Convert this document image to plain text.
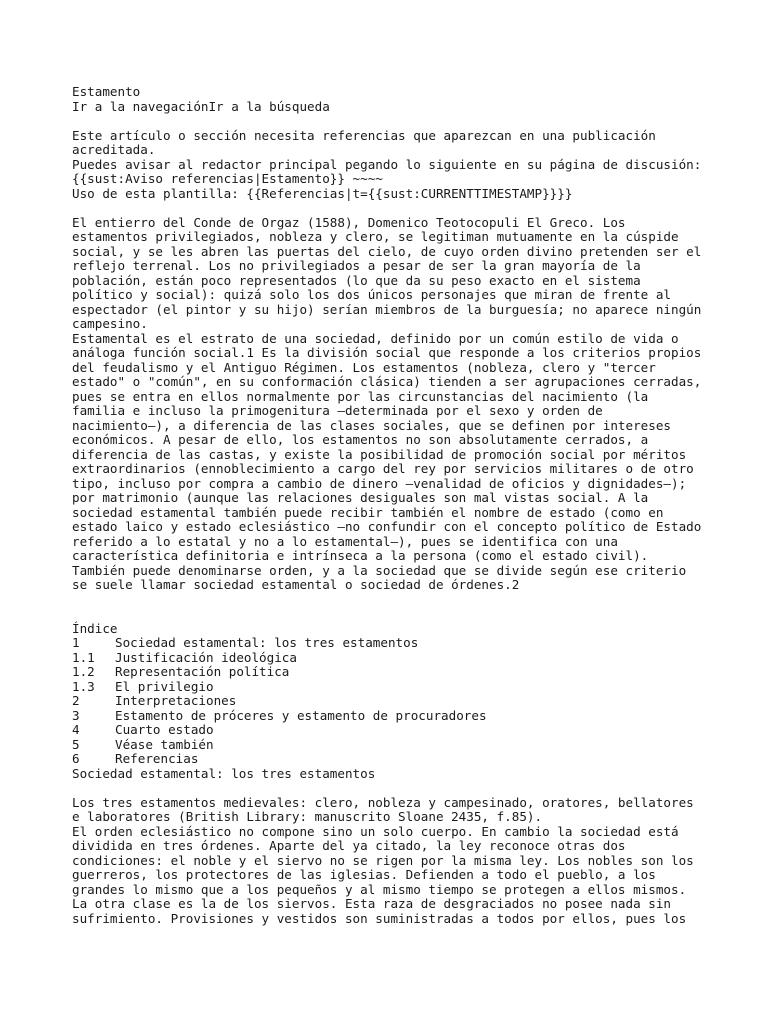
Estamento
Ir a la navegaciónIr a la búsqueda
Este artículo o sección necesita referencias que aparezcan en una publicación
acreditada.
Puedes avisar al redactor principal pegando lo siguiente en su página de discusión:
{{sust:Aviso referencias|Estamento}} ~~~~
Uso de esta plantilla: {{Referencias|t={{sust:CURRENTTIMESTAMP}}}}
El entierro del Conde de Orgaz (1588), Domenico Teotocopuli El Greco. Los
estamentos privilegiados, nobleza y clero, se legitiman mutuamente en la cúspide
social, y se les abren las puertas del cielo, de cuyo orden divino pretenden ser el
reflejo terrenal. Los no privilegiados a pesar de ser la gran mayoría de la
población, están poco representados (lo que da su peso exacto en el sistema
político y social): quizá solo los dos únicos personajes que miran de frente al
espectador (el pintor y su hijo) serían miembros de la burguesía; no aparece ningún
campesino.
Estamental es el estrato de una sociedad, definido por un común estilo de vida o
análoga función social.1 Es la división social que responde a los criterios propios
del feudalismo y el Antiguo Régimen. Los estamentos (nobleza, clero y "tercer
estado" o "común", en su conformación clásica) tienden a ser agrupaciones cerradas,
pues se entra en ellos normalmente por las circunstancias del nacimiento (la
familia e incluso la primogenitura –determinada por el sexo y orden de
nacimiento–), a diferencia de las clases sociales, que se definen por intereses
económicos. A pesar de ello, los estamentos no son absolutamente cerrados, a
diferencia de las castas, y existe la posibilidad de promoción social por méritos
extraordinarios (ennoblecimiento a cargo del rey por servicios militares o de otro
tipo, incluso por compra a cambio de dinero –venalidad de oficios y dignidades–);
por matrimonio (aunque las relaciones desiguales son mal vistas social. A la
sociedad estamental también puede recibir también el nombre de estado (como en
estado laico y estado eclesiástico –no confundir con el concepto político de Estado
referido a lo estatal y no a lo estamental–), pues se identifica con una
característica definitoria e intrínseca a la persona (como el estado civil).
También puede denominarse orden, y a la sociedad que se divide según ese criterio
se suele llamar sociedad estamental o sociedad de órdenes.2
Índice
1	Sociedad estamental: los tres estamentos
1.1	Justificación ideológica
1.2	Representación política
1.3	El privilegio
2	Interpretaciones
3	Estamento de próceres y estamento de procuradores
4	Cuarto estado
5	Véase también
6	Referencias
Sociedad estamental: los tres estamentos
Los tres estamentos medievales: clero, nobleza y campesinado, oratores, bellatores
e laboratores (British Library: manuscrito Sloane 2435, f.85).
El orden eclesiástico no compone sino un solo cuerpo. En cambio la sociedad está
dividida en tres órdenes. Aparte del ya citado, la ley reconoce otras dos
condiciones: el noble y el siervo no se rigen por la misma ley. Los nobles son los
guerreros, los protectores de las iglesias. Defienden a todo el pueblo, a los
grandes lo mismo que a los pequeños y al mismo tiempo se protegen a ellos mismos.
La otra clase es la de los siervos. Esta raza de desgraciados no posee nada sin
sufrimiento. Provisiones y vestidos son suministradas a todos por ellos, pues los
